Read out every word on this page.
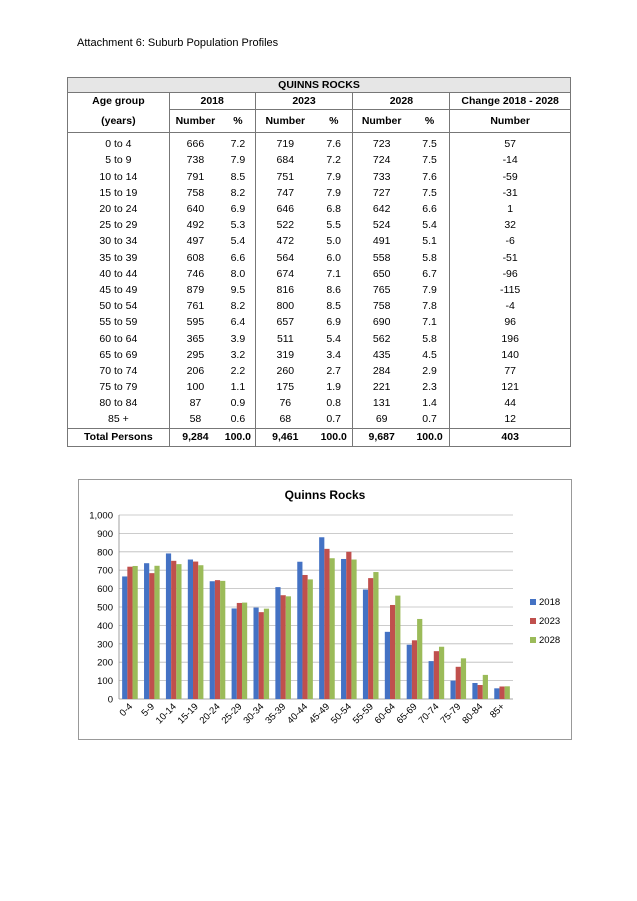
Attachment 6: Suburb Population Profiles
QUINNS ROCKS							
Age group	2018		2023		2028		Change 2018 - 2028
(years)	Number	%	Number	%	Number	%	Number
0 to 4	666	7.2	719	7.6	723	7.5	57
5 to 9	738	7.9	684	7.2	724	7.5	-14
10 to 14	791	8.5	751	7.9	733	7.6	-59
15 to 19	758	8.2	747	7.9	727	7.5	-31
20 to 24	640	6.9	646	6.8	642	6.6	1
25 to 29	492	5.3	522	5.5	524	5.4	32
30 to 34	497	5.4	472	5.0	491	5.1	-6
35 to 39	608	6.6	564	6.0	558	5.8	-51
40 to 44	746	8.0	674	7.1	650	6.7	-96
45 to 49	879	9.5	816	8.6	765	7.9	-115
50 to 54	761	8.2	800	8.5	758	7.8	-4
55 to 59	595	6.4	657	6.9	690	7.1	96
60 to 64	365	3.9	511	5.4	562	5.8	196
65 to 69	295	3.2	319	3.4	435	4.5	140
70 to 74	206	2.2	260	2.7	284	2.9	77
75 to 79	100	1.1	175	1.9	221	2.3	121
80 to 84	87	0.9	76	0.8	131	1.4	44
85 +	58	0.6	68	0.7	69	0.7	12
Total Persons	9,284	100.0	9,461	100.0	9,687	100.0	403
Quinns Rocks
0
100
200
300
400
500
600
700
800
900
1,000
0-4 5-9
10-14
15-19
20-24
25-29
30-34
35-39
40-44
45-49
50-54
55-59
60-64
65-69
70-74
75-79
80-84 85+
2018
2023
2028
